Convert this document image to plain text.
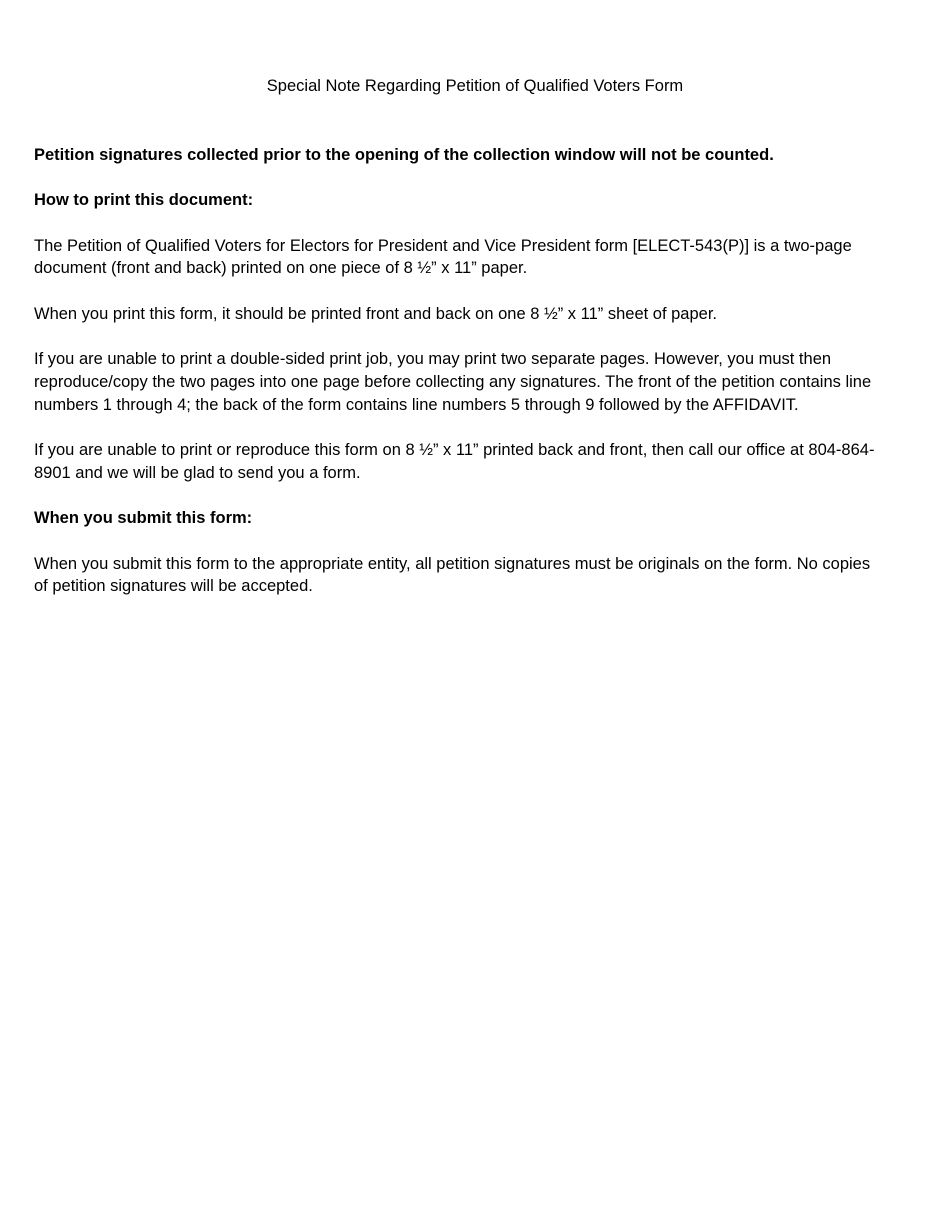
Special Note Regarding Petition of Qualified Voters Form

Petition signatures collected prior to the opening of the collection window will not be counted.

How to print this document:

The Petition of Qualified Voters for Electors for President and Vice President form [ELECT-543(P)] is a two-page document (front and back) printed on one piece of 8 ½” x 11” paper.

When you print this form, it should be printed front and back on one 8 ½” x 11” sheet of paper.

If you are unable to print a double-sided print job, you may print two separate pages. However, you must then reproduce/copy the two pages into one page before collecting any signatures. The front of the petition contains line numbers 1 through 4; the back of the form contains line numbers 5 through 9 followed by the AFFIDAVIT.

If you are unable to print or reproduce this form on 8 ½” x 11” printed back and front, then call our office at 804-864-8901 and we will be glad to send you a form.

When you submit this form:

When you submit this form to the appropriate entity, all petition signatures must be originals on the form. No copies of petition signatures will be accepted.
